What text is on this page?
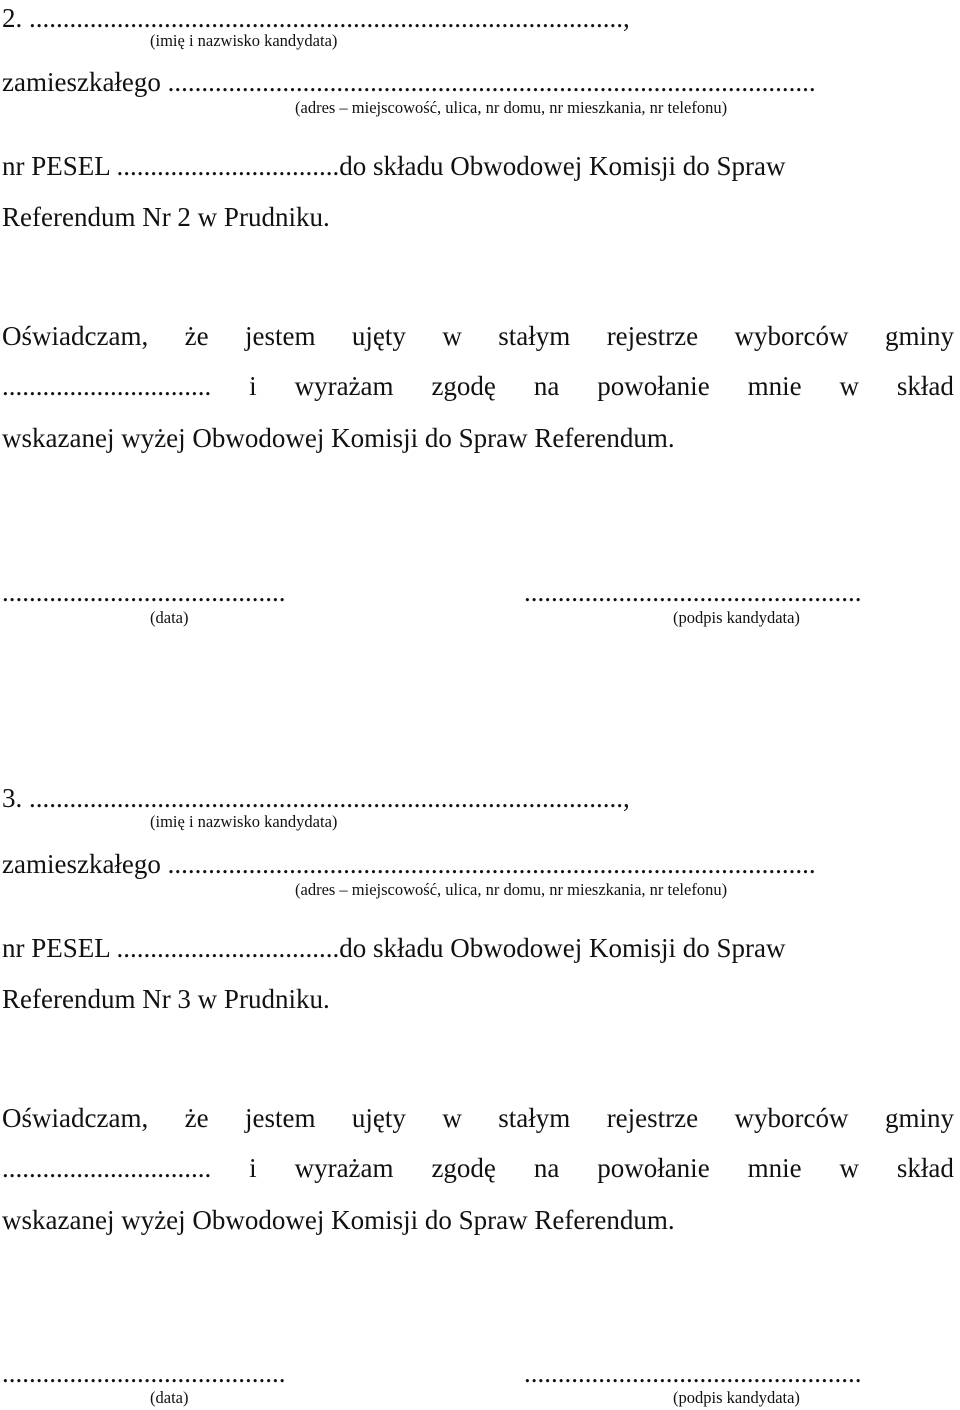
2. ........................................................................................,
(imię i nazwisko kandydata)
zamieszkałego ................................................................................................
(adres – miejscowość, ulica, nr domu, nr mieszkania, nr telefonu)
nr PESEL .................................do składu Obwodowej Komisji do Spraw
Referendum Nr 2 w Prudniku.
Oświadczam, że jestem ujęty w stałym rejestrze wyborców gminy
............................... i wyrażam zgodę na powołanie mnie w skład
wskazanej wyżej Obwodowej Komisji do Spraw Referendum.
..........................................	..................................................
(data)	(podpis kandydata)
3. ........................................................................................,
(imię i nazwisko kandydata)
zamieszkałego ................................................................................................
(adres – miejscowość, ulica, nr domu, nr mieszkania, nr telefonu)
nr PESEL .................................do składu Obwodowej Komisji do Spraw
Referendum Nr 3 w Prudniku.
Oświadczam, że jestem ujęty w stałym rejestrze wyborców gminy
............................... i wyrażam zgodę na powołanie mnie w skład
wskazanej wyżej Obwodowej Komisji do Spraw Referendum.
..........................................	..................................................
(data)	(podpis kandydata)
